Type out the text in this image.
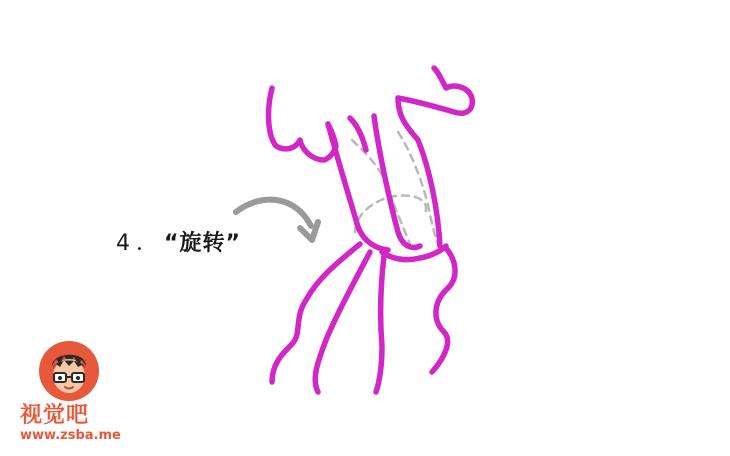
4 ． “旋转”
视觉吧
www.zsba.me
